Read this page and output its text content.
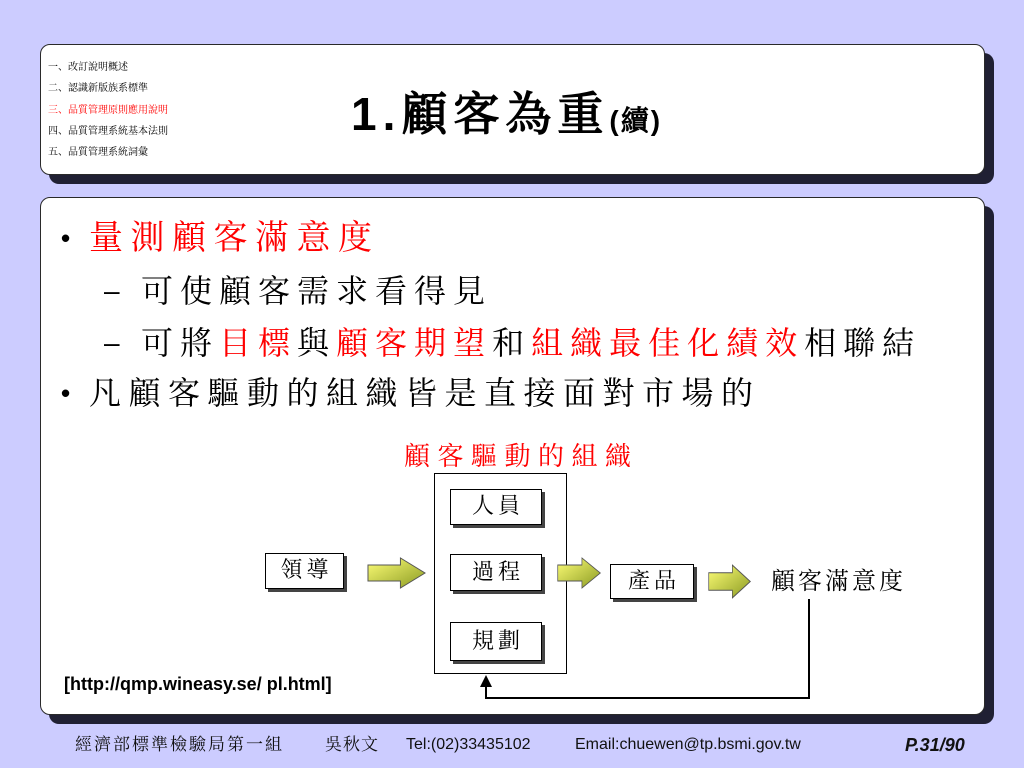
一、改訂說明概述
二、認識新版族系標準
三、品質管理原則應用說明
四、品質管理系統基本法則
五、品質管理系統詞彙
1.顧客為重(續)
• 量測顧客滿意度
– 可使顧客需求看得見
– 可將目標與顧客期望和組織最佳化績效相聯結
• 凡顧客驅動的組織皆是直接面對市場的
顧客驅動的組織
人員
過程
規劃
領導	產品	顧客滿意度
[http://qmp.wineasy.se/ pl.html]
經濟部標準檢驗局第一組 吳秋文 Tel:(02)33435102	Email:chuewen@tp.bsmi.gov.tw	P.31/90
